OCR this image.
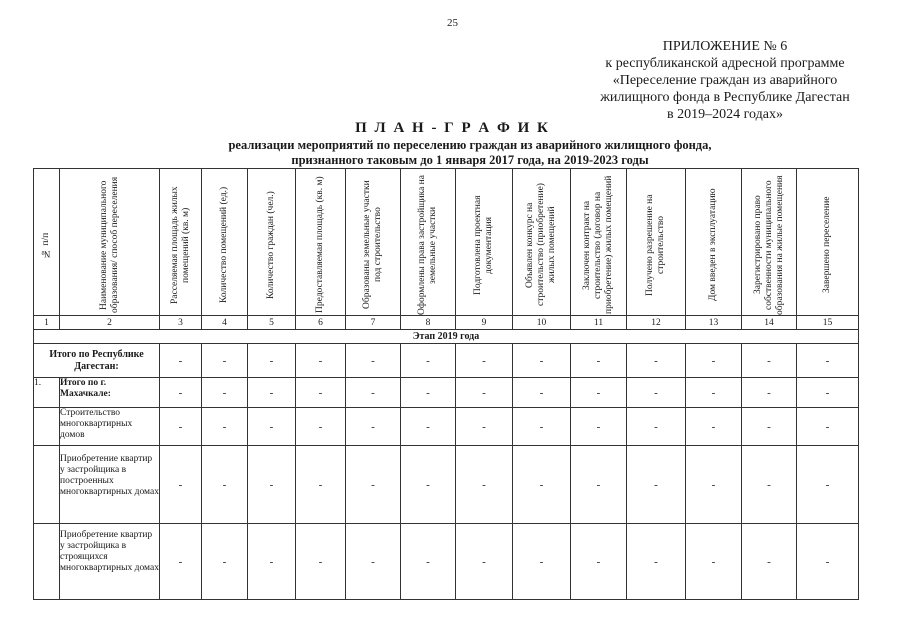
25
ПРИЛОЖЕНИЕ № 6
к республиканской адресной программе
«Переселение граждан из аварийного
жилищного фонда в Республике Дагестан
в 2019–2024 годах»
П Л А Н - Г Р А Ф И К
реализации мероприятий по переселению граждан из аварийного жилищного фонда,
признанного таковым до 1 января 2017 года, на 2019-2023 годы
№ п/п	Наименование муниципального образования/ способ переселения	Расселяемая площадь жилых помещений (кв. м)	Количество помещений (ед.)	Количество граждан (чел.)	Предоставляемая площадь (кв. м)	Образованы земельные участки под строительство	Оформлены права застройщика на земельные участки	Подготовлена проектная документация	Объявлен конкурс на строительство (приобретение) жилых помещений	Заключен контракт на строительство (договор на приобретение) жилых помещений	Получено разрешение на строительство	Дом введен в эксплуатацию	Зарегистрировано право собственности муниципального образования на жилые помещения	Завершено переселение

1	2	3	4	5	6	7	8	9	10	11	12	13	14	15
Этап 2019 года														
Итого по Республике Дагестан:		-	-	-	-	-	-	-	-	-	-	-	-	-
1.	Итого по г. Махачкале:	-	-	-	-	-	-	-	-	-	-	-	-	-
	Строительство многоквартирных домов	-	-	-	-	-	-	-	-	-	-	-	-	-
	Приобретение квартир у застройщика в построенных многоквартирных домах	-	-	-	-	-	-	-	-	-	-	-	-	-
	Приобретение квартир у застройщика в строящихся многоквартирных домах	-	-	-	-	-	-	-	-	-	-	-	-	-
